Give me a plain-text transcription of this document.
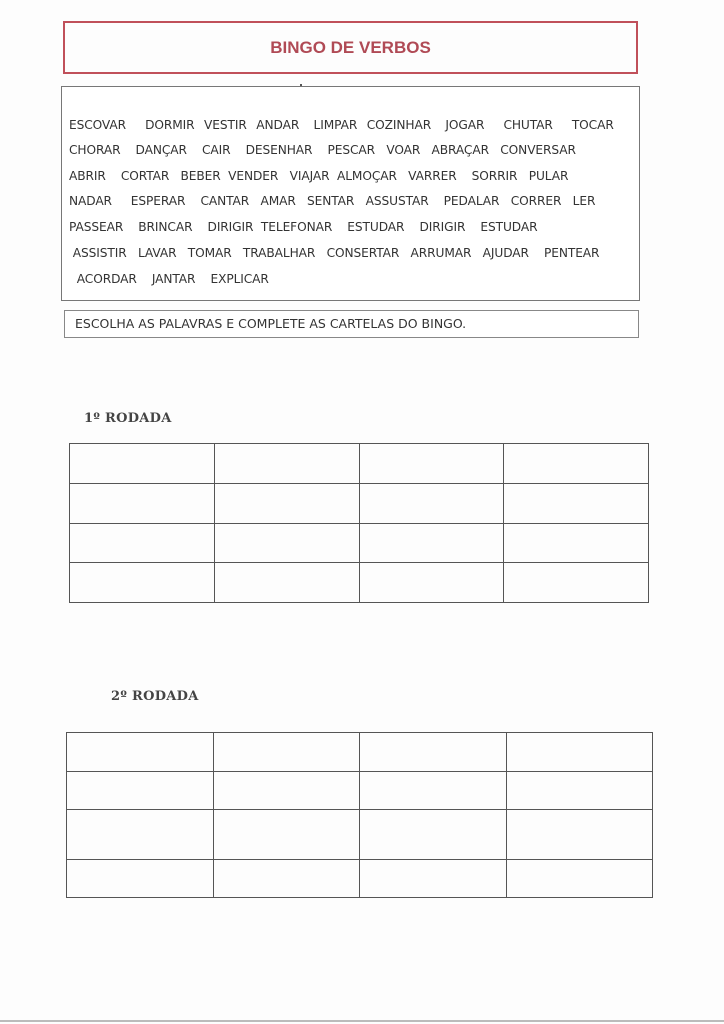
BINGO DE VERBOS
ESCOVAR    DORMIR  VESTIR  ANDAR   LIMPAR  COZINHAR   JOGAR    CHUTAR    TOCAR
CHORAR    DANÇAR    CAIR    DESENHAR    PESCAR   VOAR   ABRAÇAR   CONVERSAR
ABRIR    CORTAR   BEBER  VENDER   VIAJAR  ALMOÇAR   VARRER    SORRIR   PULAR
NADAR     ESPERAR    CANTAR   AMAR   SENTAR   ASSUSTAR    PEDALAR   CORRER   LER
PASSEAR    BRINCAR    DIRIGIR  TELEFONAR    ESTUDAR    DIRIGIR    ESTUDAR
ASSISTIR   LAVAR   TOMAR   TRABALHAR   CONSERTAR   ARRUMAR   AJUDAR    PENTEAR
ACORDAR    JANTAR    EXPLICAR
ESCOLHA AS PALAVRAS E COMPLETE AS CARTELAS DO BINGO.
1º RODADA

2º RODADA
